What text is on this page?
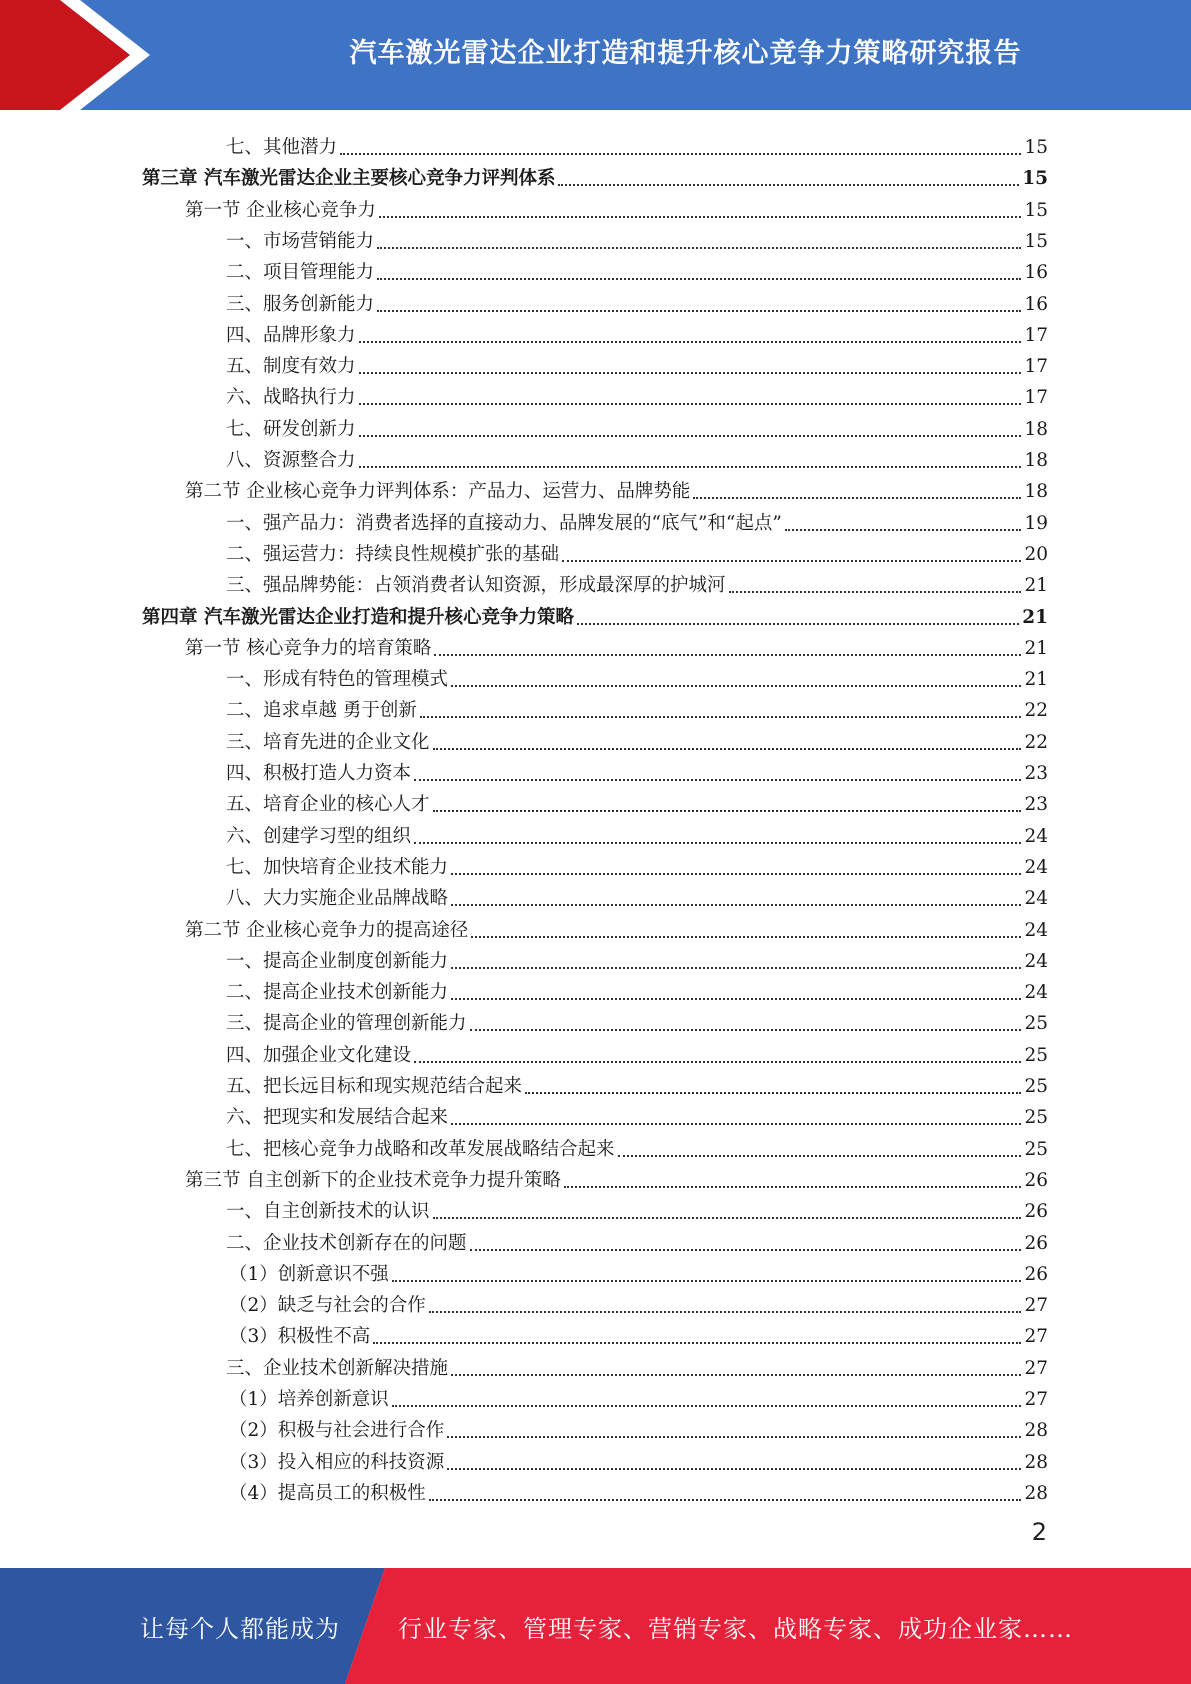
汽车激光雷达企业打造和提升核心竞争力策略研究报告
七、其他潜力	15
第三章 汽车激光雷达企业主要核心竞争力评判体系	15
第一节 企业核心竞争力	15
一、市场营销能力	15
二、项目管理能力	16
三、服务创新能力	16
四、品牌形象力	17
五、制度有效力	17
六、战略执行力	17
七、研发创新力	18
八、资源整合力	18
第二节 企业核心竞争力评判体系：产品力、运营力、品牌势能	18
一、强产品力：消费者选择的直接动力、品牌发展的“底气”和“起点”	19
二、强运营力：持续良性规模扩张的基础	20
三、强品牌势能：占领消费者认知资源，形成最深厚的护城河	21
第四章 汽车激光雷达企业打造和提升核心竞争力策略	21
第一节 核心竞争力的培育策略	21
一、形成有特色的管理模式	21
二、追求卓越 勇于创新	22
三、培育先进的企业文化	22
四、积极打造人力资本	23
五、培育企业的核心人才	23
六、创建学习型的组织	24
七、加快培育企业技术能力	24
八、大力实施企业品牌战略	24
第二节 企业核心竞争力的提高途径	24
一、提高企业制度创新能力	24
二、提高企业技术创新能力	24
三、提高企业的管理创新能力	25
四、加强企业文化建设	25
五、把长远目标和现实规范结合起来	25
六、把现实和发展结合起来	25
七、把核心竞争力战略和改革发展战略结合起来	25
第三节 自主创新下的企业技术竞争力提升策略	26
一、自主创新技术的认识	26
二、企业技术创新存在的问题	26
（1）创新意识不强	26
（2）缺乏与社会的合作	27
（3）积极性不高	27
三、企业技术创新解决措施	27
（1）培养创新意识	27
（2）积极与社会进行合作	28
（3）投入相应的科技资源	28
（4）提高员工的积极性	28
2
让每个人都能成为 行业专家、管理专家、营销专家、战略专家、成功企业家……
